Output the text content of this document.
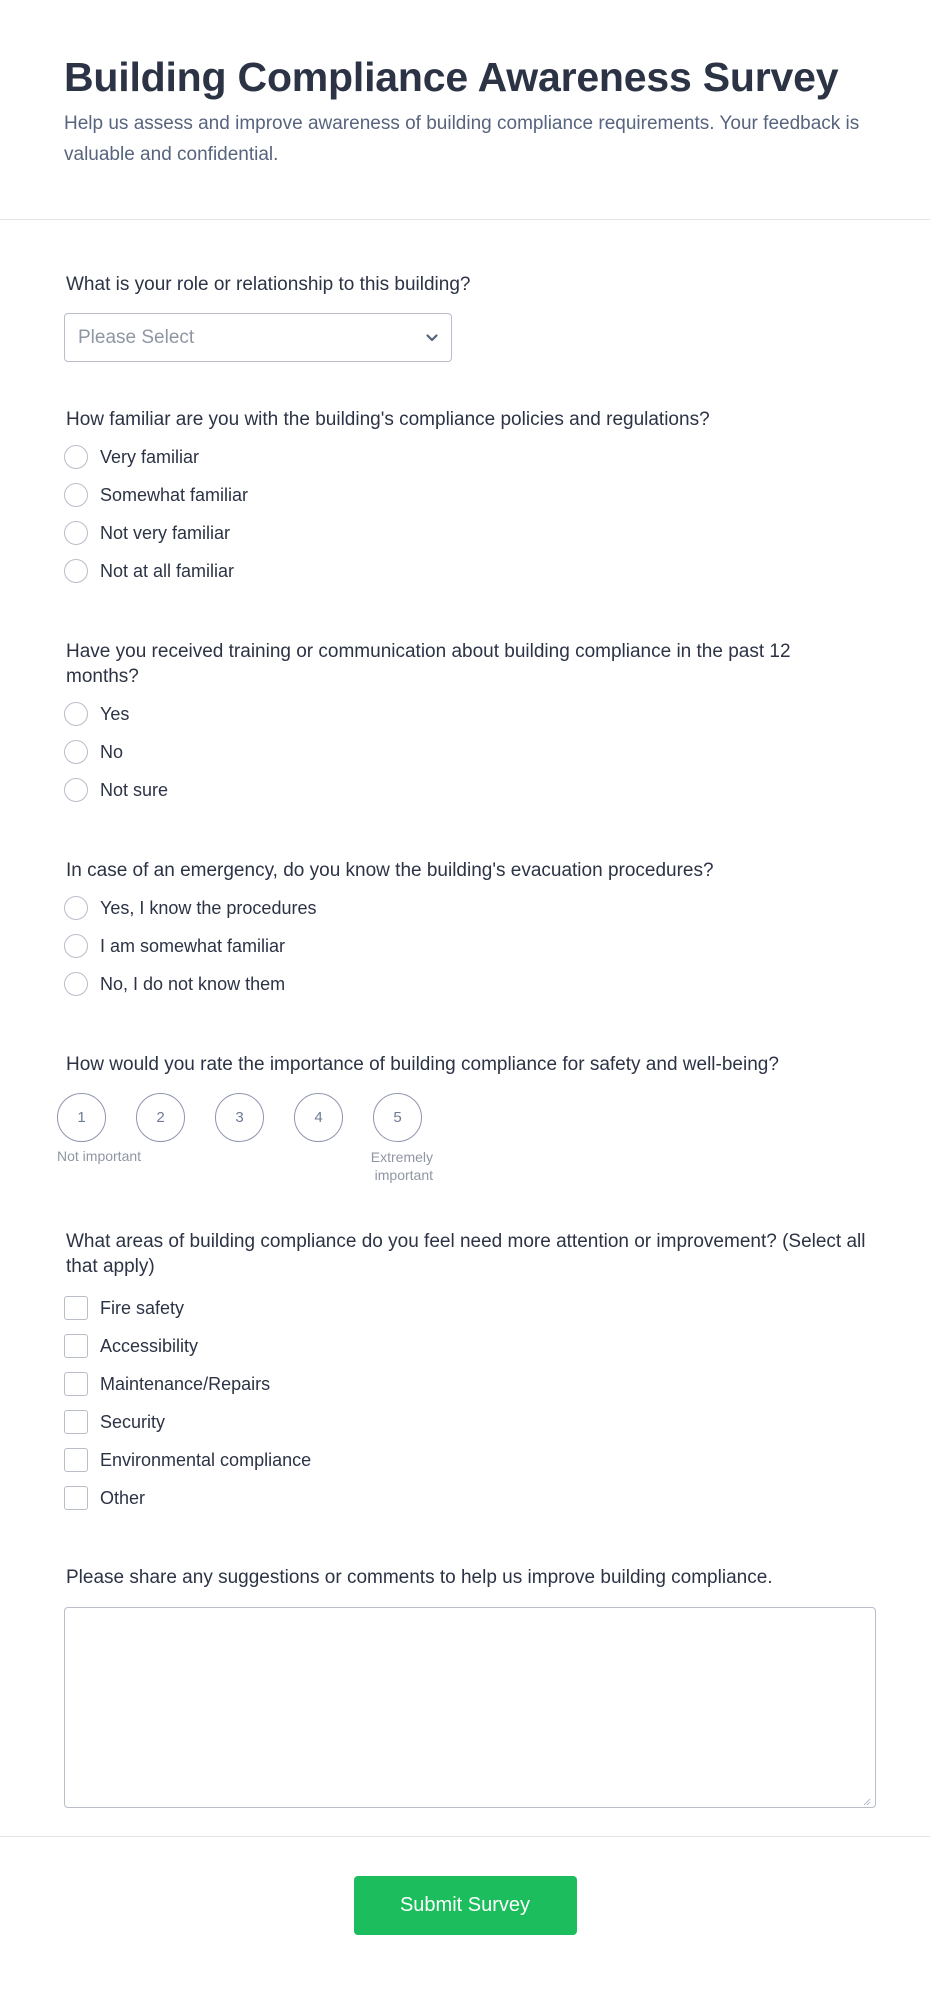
Building Compliance Awareness Survey

Help us assess and improve awareness of building compliance requirements. Your feedback is valuable and confidential.

What is your role or relationship to this building?
Please Select
How familiar are you with the building's compliance policies and regulations?
Very familiar
Somewhat familiar
Not very familiar
Not at all familiar
Have you received training or communication about building compliance in the past 12 months?
Yes
No
Not sure
In case of an emergency, do you know the building's evacuation procedures?
Yes, I know the procedures
I am somewhat familiar
No, I do not know them
How would you rate the importance of building compliance for safety and well-being?
1	2	3	4	5
Not important	Extremely important
What areas of building compliance do you feel need more attention or improvement? (Select all that apply)
Fire safety
Accessibility
Maintenance/Repairs
Security
Environmental compliance
Other
Please share any suggestions or comments to help us improve building compliance.
Submit Survey
